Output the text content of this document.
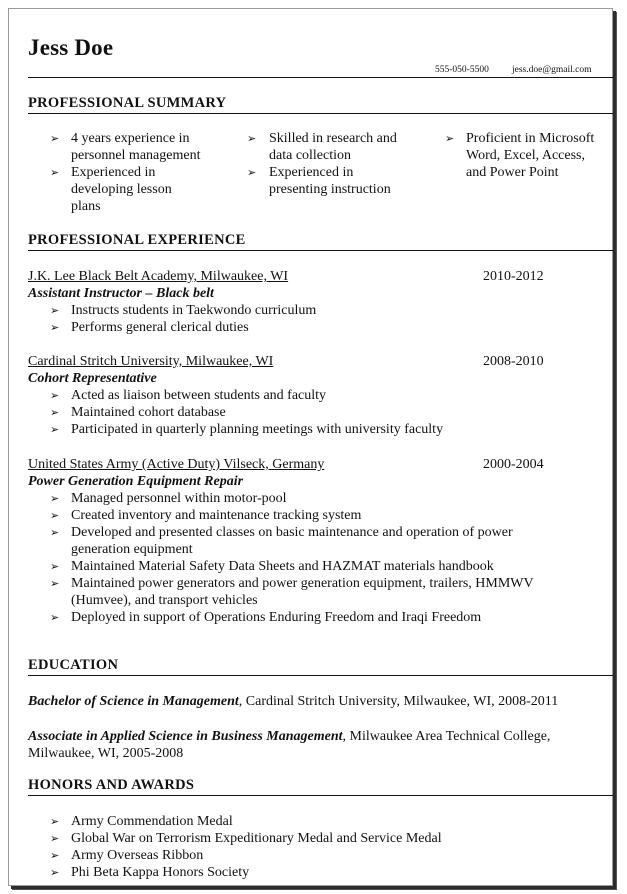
Jess Doe
555-050-5500 jess.doe@gmail.com
PROFESSIONAL SUMMARY
➢ 4 years experience in
personnel management
➢ Experienced in
developing lesson
plans
➢ Skilled in research and
data collection
➢ Experienced in
presenting instruction
➢ Proficient in Microsoft
Word, Excel, Access,
and Power Point
PROFESSIONAL EXPERIENCE
J.K. Lee Black Belt Academy, Milwaukee, WI	2010-2012
Assistant Instructor – Black belt
➢ Instructs students in Taekwondo curriculum
➢ Performs general clerical duties
Cardinal Stritch University, Milwaukee, WI	2008-2010
Cohort Representative
➢ Acted as liaison between students and faculty
➢ Maintained cohort database
➢ Participated in quarterly planning meetings with university faculty
United States Army (Active Duty) Vilseck, Germany	2000-2004
Power Generation Equipment Repair
➢ Managed personnel within motor-pool
➢ Created inventory and maintenance tracking system
➢ Developed and presented classes on basic maintenance and operation of power
generation equipment
➢ Maintained Material Safety Data Sheets and HAZMAT materials handbook
➢ Maintained power generators and power generation equipment, trailers, HMMWV
(Humvee), and transport vehicles
➢ Deployed in support of Operations Enduring Freedom and Iraqi Freedom
EDUCATION
Bachelor of Science in Management, Cardinal Stritch University, Milwaukee, WI, 2008-2011
Associate in Applied Science in Business Management, Milwaukee Area Technical College,
Milwaukee, WI, 2005-2008
HONORS AND AWARDS
➢ Army Commendation Medal
➢ Global War on Terrorism Expeditionary Medal and Service Medal
➢ Army Overseas Ribbon
➢ Phi Beta Kappa Honors Society
